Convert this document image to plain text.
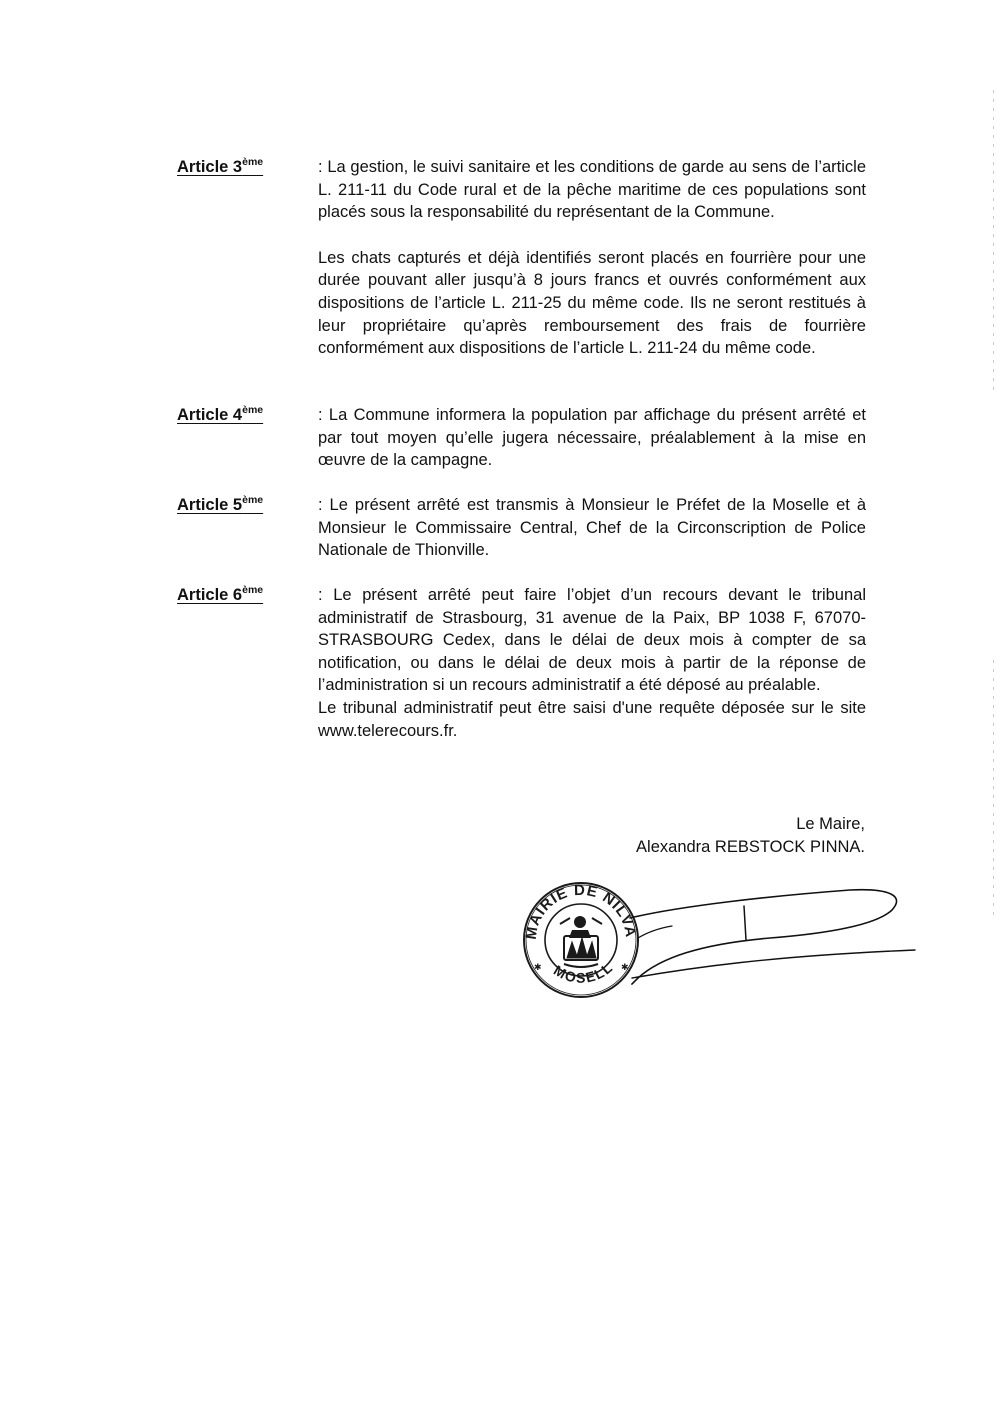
Article 3ème	: La gestion, le suivi sanitaire et les conditions de garde au sens de l’article L. 211-11 du Code rural et de la pêche maritime de ces populations sont placés sous la responsabilité du représentant de la Commune.

Les chats capturés et déjà identifiés seront placés en fourrière pour une durée pouvant aller jusqu’à 8 jours francs et ouvrés conformément aux dispositions de l’article L. 211-25 du même code. Ils ne seront restitués à leur propriétaire qu’après remboursement des frais de fourrière conformément aux dispositions de l’article L. 211-24 du même code.

Article 4ème	: La Commune informera la population par affichage du présent arrêté et par tout moyen qu’elle jugera nécessaire, préalablement à la mise en œuvre de la campagne.

Article 5ème	: Le présent arrêté est transmis à Monsieur le Préfet de la Moselle et à Monsieur le Commissaire Central, Chef de la Circonscription de Police Nationale de Thionville.

Article 6ème	: Le présent arrêté peut faire l’objet d’un recours devant le tribunal administratif de Strasbourg, 31 avenue de la Paix, BP 1038 F, 67070-STRASBOURG Cedex, dans le délai de deux mois à compter de sa notification, ou dans le délai de deux mois à partir de la réponse de l’administration si un recours administratif a été déposé au préalable.

Le tribunal administratif peut être saisi d'une requête déposée sur le site www.telerecours.fr.

Le Maire,
Alexandra REBSTOCK PINNA.
MAIRIE DE NILVA
MOSELL
✱	✱
